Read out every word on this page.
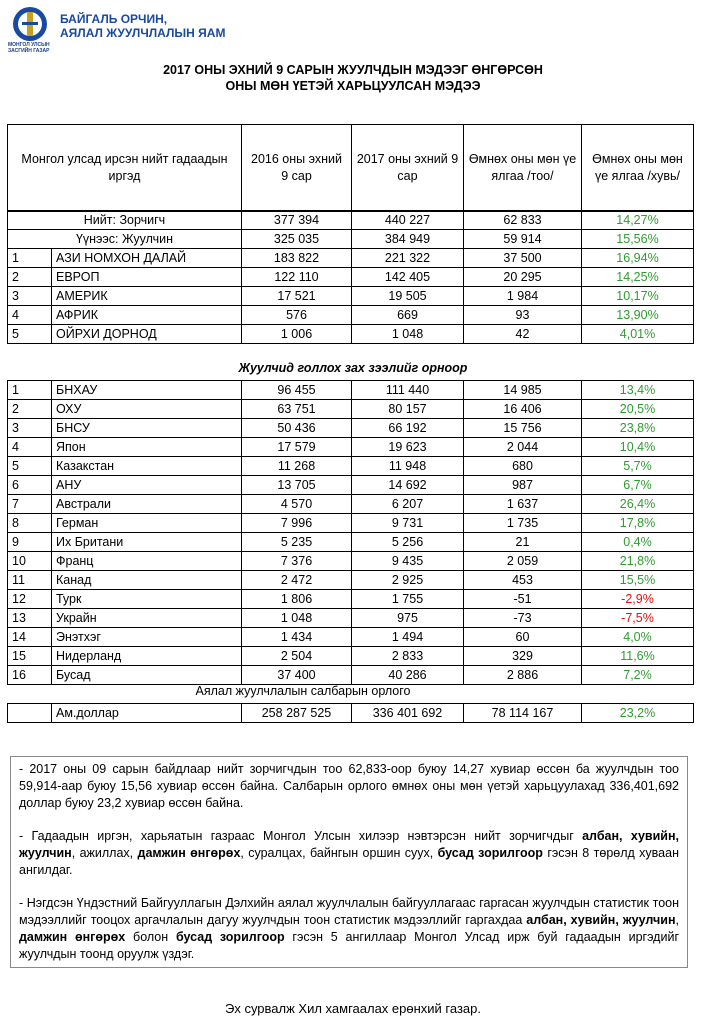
МОНГОЛ УЛСЫН ЗАСГИЙН ГАЗАР
БАЙГАЛЬ ОРЧИН,
АЯЛАЛ ЖУУЛЧЛАЛЫН ЯАМ
2017 ОНЫ ЭХНИЙ 9 САРЫН ЖУУЛЧДЫН МЭДЭЭГ ӨНГӨРСӨН
ОНЫ МӨН ҮЕТЭЙ ХАРЬЦУУЛСАН МЭДЭЭ
Монгол улсад ирсэн нийт гадаадын иргэд	2016 оны эхний 9 сар	2017 оны эхний 9 сар	Өмнөх оны мөн үе ялгаа /тоо/	Өмнөх оны мөн үе ялгаа /хувь/
Нийт: Зорчигч	377 394	440 227	62 833	14,27%
Үүнээс: Жуулчин	325 035	384 949	59 914	15,56%
1	АЗИ НОМХОН ДАЛАЙ	183 822	221 322	37 500	16,94%
2	ЕВРОП	122 110	142 405	20 295	14,25%
3	АМЕРИК	17 521	19 505	1 984	10,17%
4	АФРИК	576	669	93	13,90%
5	ОЙРХИ ДОРНОД	1 006	1 048	42	4,01%
Жуулчид голлох зах зээлийг орноор
1	БНХАУ	96 455	111 440	14 985	13,4%
2	ОХУ	63 751	80 157	16 406	20,5%
3	БНСУ	50 436	66 192	15 756	23,8%
4	Япон	17 579	19 623	2 044	10,4%
5	Казакстан	11 268	11 948	680	5,7%
6	АНУ	13 705	14 692	987	6,7%
7	Австрали	4 570	6 207	1 637	26,4%
8	Герман	7 996	9 731	1 735	17,8%
9	Их Британи	5 235	5 256	21	0,4%
10	Франц	7 376	9 435	2 059	21,8%
11	Канад	2 472	2 925	453	15,5%
12	Турк	1 806	1 755	-51	-2,9%
13	Украйн	1 048	975	-73	-7,5%
14	Энэтхэг	1 434	1 494	60	4,0%
15	Нидерланд	2 504	2 833	329	11,6%
16	Бусад	37 400	40 286	2 886	7,2%
Аялал жуулчлалын салбарын орлого
	Ам.доллар	258 287 525	336 401 692	78 114 167	23,2%

- 2017 оны 09 сарын байдлаар нийт зорчигчдын тоо 62,833-оор буюу 14,27 хувиар өссөн ба жуулчдын тоо 59,914-аар буюу 15,56 хувиар өссөн байна. Салбарын орлого өмнөх оны мөн үетэй харьцуулахад 336,401,692 доллар буюу 23,2 хувиар өссөн байна.

- Гадаадын иргэн, харьяатын газраас Монгол Улсын хилээр нэвтэрсэн нийт зорчигчдыг албан, хувийн, жуулчин, ажиллах, дамжин өнгөрөх, суралцах, байнгын оршин суух, бусад зорилгоор гэсэн 8 төрөлд хуваан ангилдаг.

- Нэгдсэн Үндэстний Байгууллагын Дэлхийн аялал жуулчлалын байгууллагаас гаргасан жуулчдын статистик тоон мэдээллийг тооцох аргачлалын дагуу жуулчдын тоон статистик мэдээллийг гаргахдаа албан, хувийн, жуулчин, дамжин өнгөрөх болон бусад зорилгоор гэсэн 5 ангиллаар Монгол Улсад ирж буй гадаадын иргэдийг жуулчдын тоонд оруулж үздэг.

Эх сурвалж Хил хамгаалах ерөнхий газар.
